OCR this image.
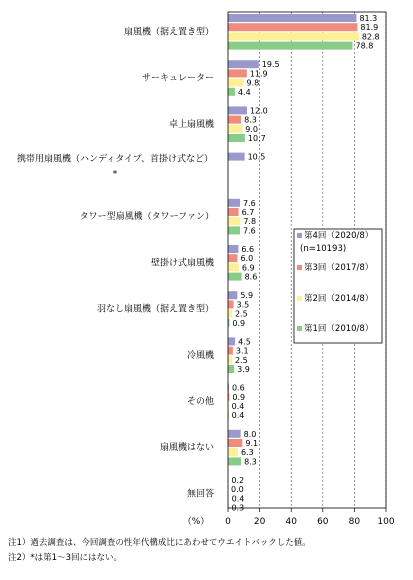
0	20 40 60 80 100
（%）
81.3
81.9
82.8
78.8
扇風機（据え置き型）
19.5
11.9
9.8
4.4
サーキュレーター
12.0
8.3
9.0
10.7
卓上扇風機
10.5
携帯用扇風機（ハンディタイプ、首掛け式など）
*
7.6
6.7
7.8
7.6
タワー型扇風機（タワーファン）
6.6
6.0
6.9
8.6
壁掛け式扇風機
5.9
3.5
2.5
0.9
羽なし扇風機（据え置き型）
4.5
3.1
2.5
3.9
冷風機
0.6
0.9
0.4
0.4
その他
8.0
9.1
6.3
8.3
扇風機はない
0.2
0.0
0.4
0.3
無回答
第4回（2020/8）
(n=10193)
第3回（2017/8）
第2回（2014/8）
第1回（2010/8）
注1）過去調査は、今回調査の性年代構成比にあわせてウエイトバックした値。
注2）*は第1～3回にはない。
